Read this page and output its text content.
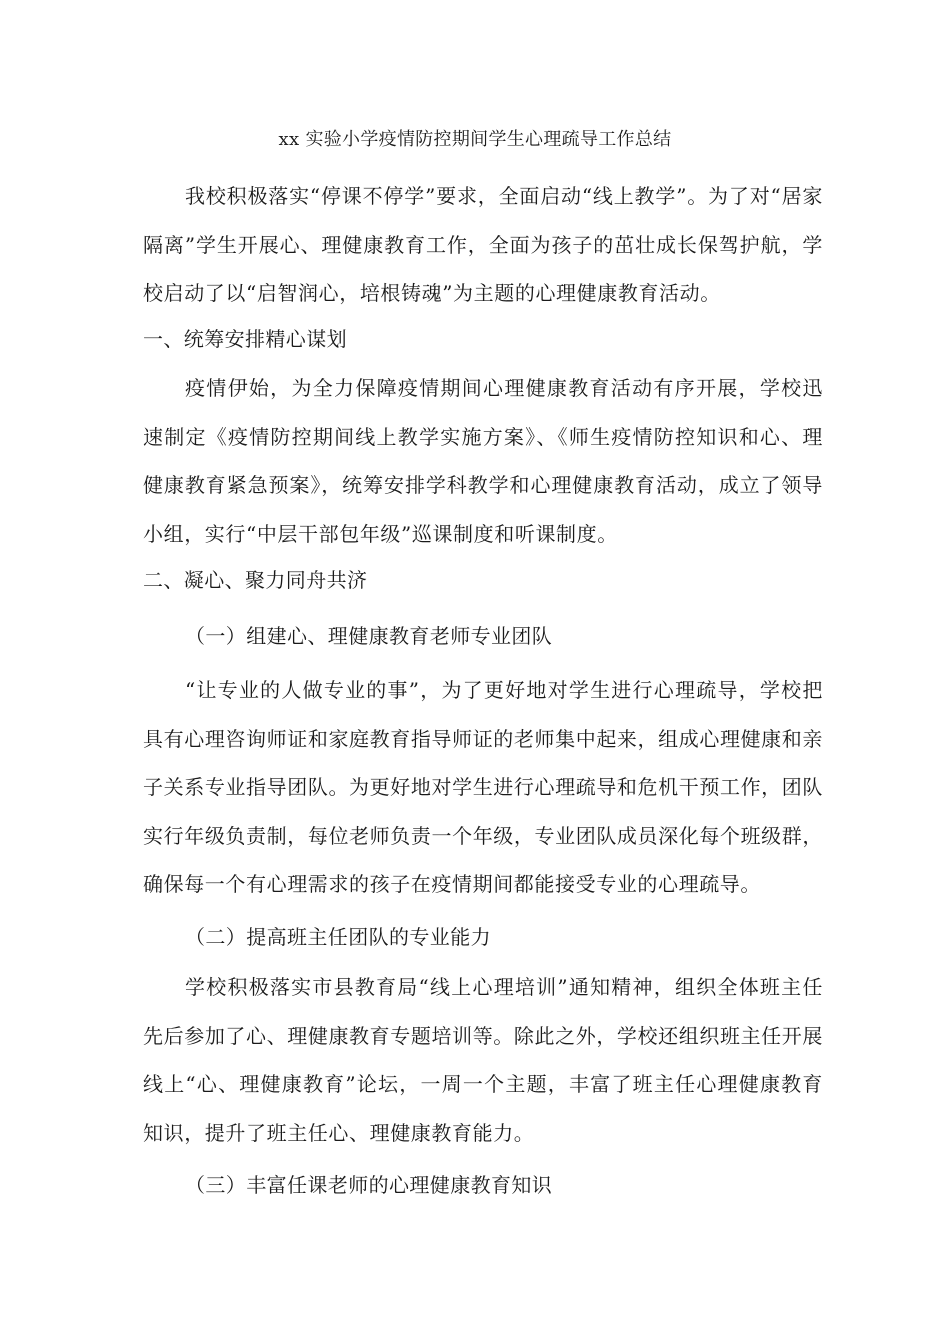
xx 实验小学疫情防控期间学生心理疏导工作总结

我校积极落实“停课不停学”要求，全面启动“线上教学”。为了对“居家隔离”学生开展心、理健康教育工作，全面为孩子的茁壮成长保驾护航，学校启动了以“启智润心，培根铸魂”为主题的心理健康教育活动。

一、统筹安排精心谋划

疫情伊始，为全力保障疫情期间心理健康教育活动有序开展，学校迅速制定《疫情防控期间线上教学实施方案》、《师生疫情防控知识和心、理健康教育紧急预案》，统筹安排学科教学和心理健康教育活动，成立了领导小组，实行“中层干部包年级”巡课制度和听课制度。

二、凝心、聚力同舟共济

（一）组建心、理健康教育老师专业团队

“让专业的人做专业的事”，为了更好地对学生进行心理疏导，学校把具有心理咨询师证和家庭教育指导师证的老师集中起来，组成心理健康和亲子关系专业指导团队。为更好地对学生进行心理疏导和危机干预工作，团队实行年级负责制，每位老师负责一个年级，专业团队成员深化每个班级群，确保每一个有心理需求的孩子在疫情期间都能接受专业的心理疏导。

（二）提高班主任团队的专业能力

学校积极落实市县教育局“线上心理培训”通知精神，组织全体班主任先后参加了心、理健康教育专题培训等。除此之外，学校还组织班主任开展线上“心、理健康教育”论坛，一周一个主题，丰富了班主任心理健康教育知识，提升了班主任心、理健康教育能力。

（三）丰富任课老师的心理健康教育知识
